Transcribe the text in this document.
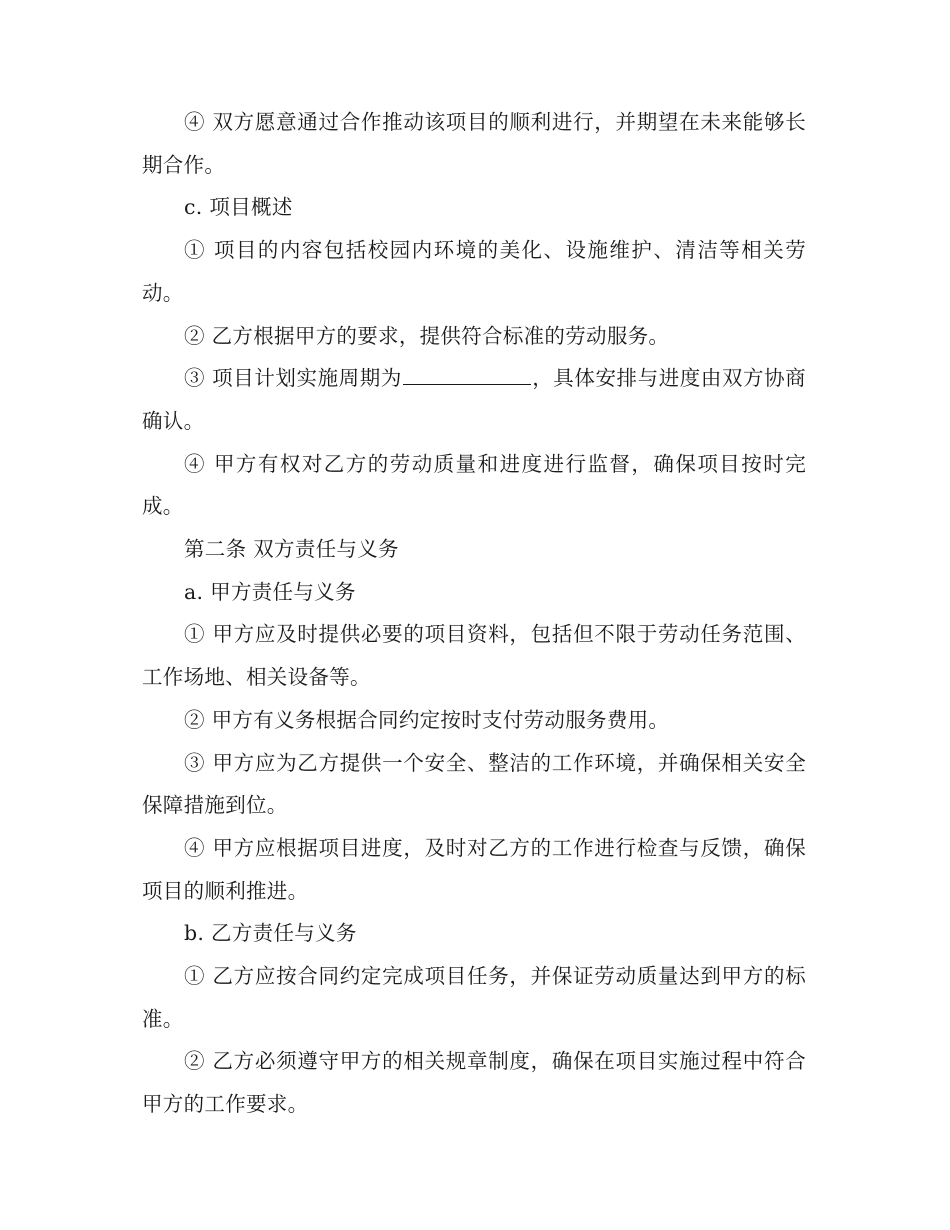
④ 双方愿意通过合作推动该项目的顺利进行，并期望在未来能够长期合作。

c. 项目概述

① 项目的内容包括校园内环境的美化、设施维护、清洁等相关劳动。

② 乙方根据甲方的要求，提供符合标准的劳动服务。

③ 项目计划实施周期为	，具体安排与进度由双方协商确认。

④ 甲方有权对乙方的劳动质量和进度进行监督，确保项目按时完成。

第二条 双方责任与义务

a. 甲方责任与义务

① 甲方应及时提供必要的项目资料，包括但不限于劳动任务范围、工作场地、相关设备等。

② 甲方有义务根据合同约定按时支付劳动服务费用。

③ 甲方应为乙方提供一个安全、整洁的工作环境，并确保相关安全保障措施到位。

④ 甲方应根据项目进度，及时对乙方的工作进行检查与反馈，确保项目的顺利推进。

b. 乙方责任与义务

① 乙方应按合同约定完成项目任务，并保证劳动质量达到甲方的标准。

② 乙方必须遵守甲方的相关规章制度，确保在项目实施过程中符合甲方的工作要求。
